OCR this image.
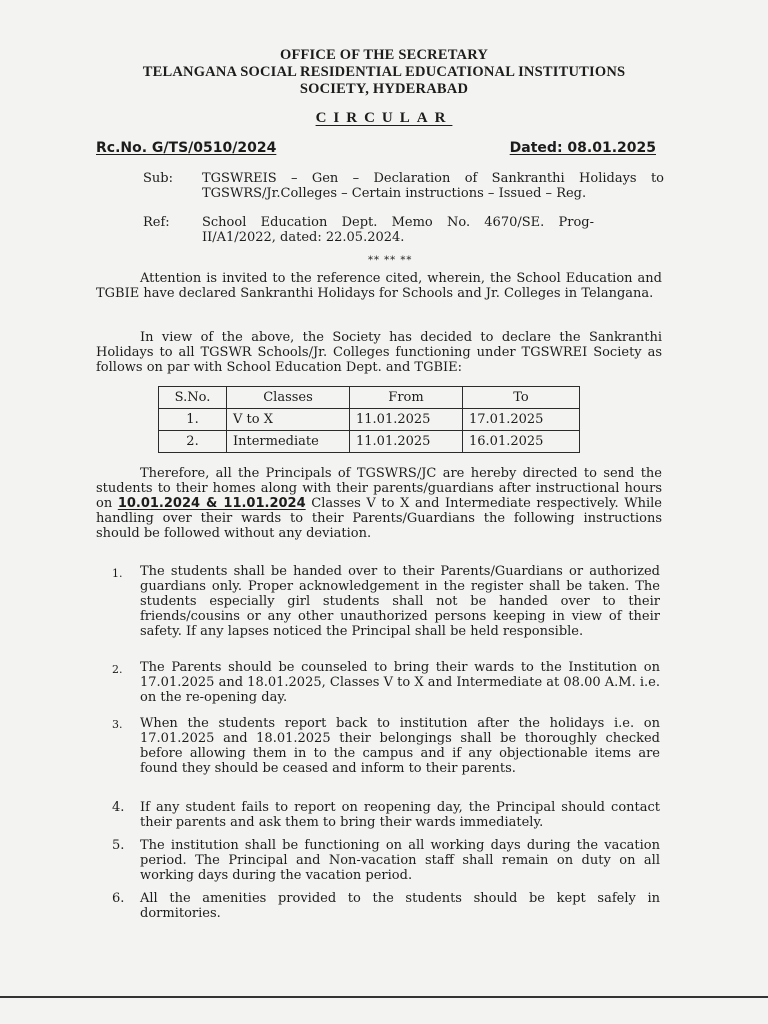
OFFICE OF THE SECRETARY
TELANGANA SOCIAL RESIDENTIAL EDUCATIONAL INSTITUTIONS
SOCIETY, HYDERABAD
CIRCULAR
Rc.No. G/TS/0510/2024	Dated: 08.01.2025
Sub: TGSWREIS – Gen – Declaration of Sankranthi Holidays to TGSWRS/Jr.Colleges – Certain instructions – Issued – Reg.
Ref: School Education Dept. Memo No. 4670/SE. Prog-II/A1/2022, dated: 22.05.2024.
** ** **
Attention is invited to the reference cited, wherein, the School Education and TGBIE have declared Sankranthi Holidays for Schools and Jr. Colleges in Telangana.
In view of the above, the Society has decided to declare the Sankranthi Holidays to all TGSWR Schools/Jr. Colleges functioning under TGSWREI Society as follows on par with School Education Dept. and TGBIE:
S.No.	Classes	From	To
1.	V to X	11.01.2025	17.01.2025
2.	Intermediate	11.01.2025	16.01.2025
Therefore, all the Principals of TGSWRS/JC are hereby directed to send the students to their homes along with their parents/guardians after instructional hours on 10.01.2024 & 11.01.2024 Classes V to X and Intermediate respectively. While handling over their wards to their Parents/Guardians the following instructions should be followed without any deviation.
1. The students shall be handed over to their Parents/Guardians or authorized guardians only. Proper acknowledgement in the register shall be taken. The students especially girl students shall not be handed over to their friends/cousins or any other unauthorized persons keeping in view of their safety. If any lapses noticed the Principal shall be held responsible.
2. The Parents should be counseled to bring their wards to the Institution on 17.01.2025 and 18.01.2025, Classes V to X and Intermediate at 08.00 A.M. i.e. on the re-opening day.
3. When the students report back to institution after the holidays i.e. on 17.01.2025 and 18.01.2025 their belongings shall be thoroughly checked before allowing them in to the campus and if any objectionable items are found they should be ceased and inform to their parents.
4. If any student fails to report on reopening day, the Principal should contact their parents and ask them to bring their wards immediately.
5. The institution shall be functioning on all working days during the vacation period. The Principal and Non-vacation staff shall remain on duty on all working days during the vacation period.
6. All the amenities provided to the students should be kept safely in dormitories.
